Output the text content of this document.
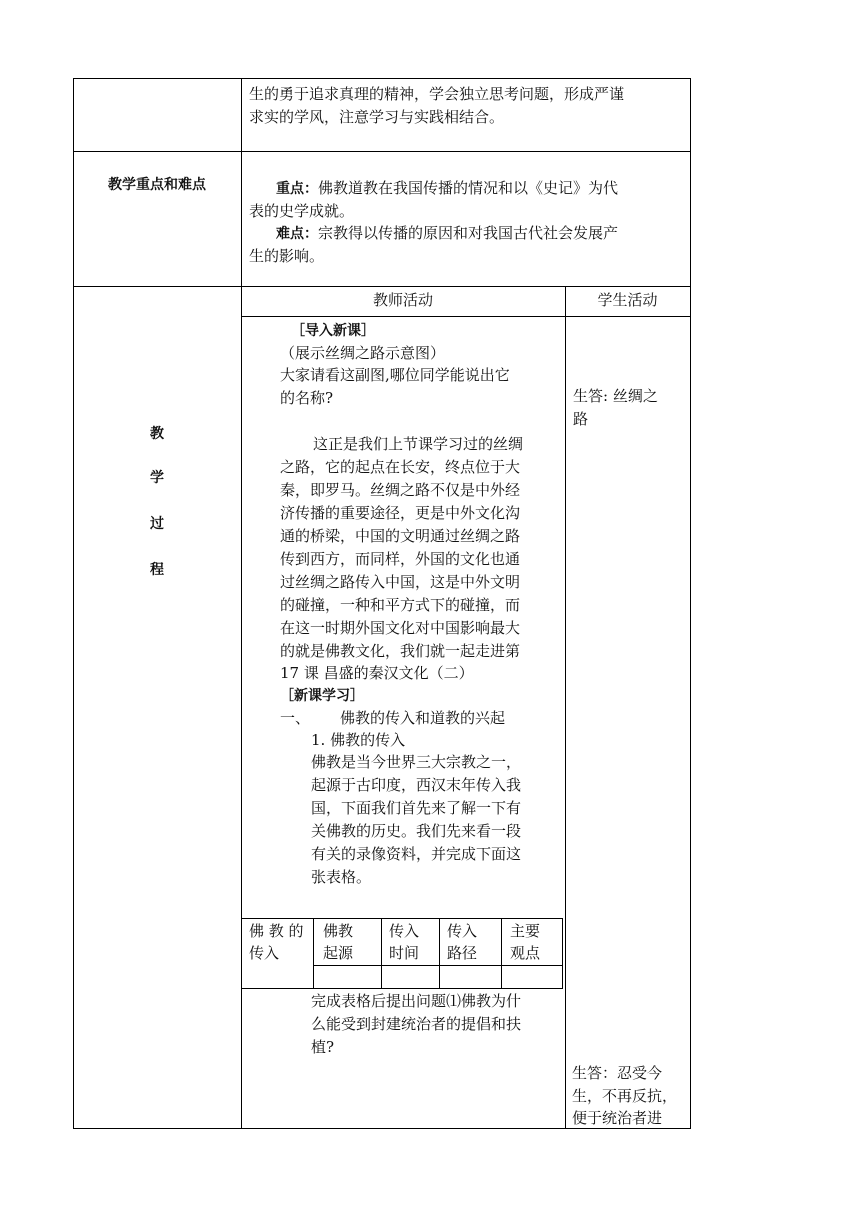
生的勇于追求真理的精神，学会独立思考问题，形成严谨
求实的学风，注意学习与实践相结合。
教学重点和难点	重点：佛教道教在我国传播的情况和以《史记》为代
表的史学成就。
难点：宗教得以传播的原因和对我国古代社会发展产
生的影响。
教
学
过
程
教师活动	学生活动
［导入新课］
（展示丝绸之路示意图）
大家请看这副图,哪位同学能说出它
的名称?
这正是我们上节课学习过的丝绸
之路，它的起点在长安，终点位于大
秦，即罗马。丝绸之路不仅是中外经
济传播的重要途径，更是中外文化沟
通的桥梁，中国的文明通过丝绸之路
传到西方，而同样，外国的文化也通
过丝绸之路传入中国，这是中外文明
的碰撞，一种和平方式下的碰撞，而
在这一时期外国文化对中国影响最大
的就是佛教文化，我们就一起走进第
17 课 昌盛的秦汉文化（二）
［新课学习］
一、 佛教的传入和道教的兴起
1. 佛教的传入
佛教是当今世界三大宗教之一，
起源于古印度，西汉末年传入我
国，下面我们首先来了解一下有
关佛教的历史。我们先来看一段
有关的录像资料，并完成下面这
张表格。
佛 教 的
传入
佛教
起源
传入
时间
传入
路径
主要
观点
完成表格后提出问题⑴佛教为什
么能受到封建统治者的提倡和扶
植?
生答: 丝绸之
路
生答：忍受今
生，不再反抗，
便于统治者进
